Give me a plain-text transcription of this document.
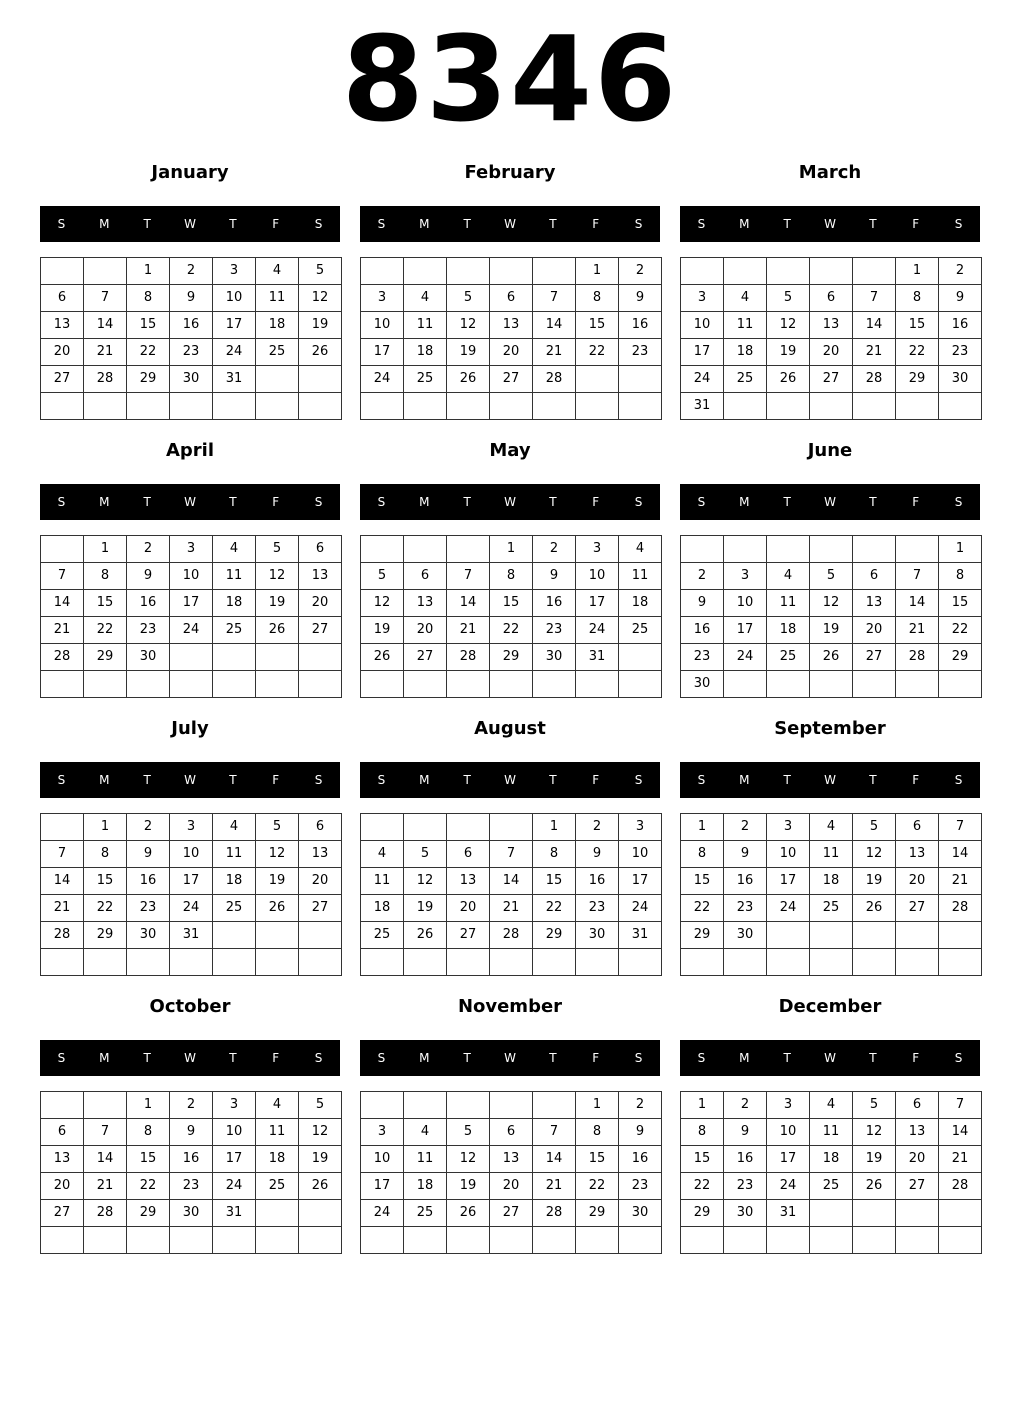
8346
January
S	M	T	W	T	F	S
		1	2	3	4	5
6	7	8	9	10	11	12
13	14	15	16	17	18	19
20	21	22	23	24	25	26
27	28	29	30	31		

February
S	M	T	W	T	F	S
					1	2
3	4	5	6	7	8	9
10	11	12	13	14	15	16
17	18	19	20	21	22	23
24	25	26	27	28		

March
S	M	T	W	T	F	S
					1	2
3	4	5	6	7	8	9
10	11	12	13	14	15	16
17	18	19	20	21	22	23
24	25	26	27	28	29	30
31						
April
S	M	T	W	T	F	S
	1	2	3	4	5	6
7	8	9	10	11	12	13
14	15	16	17	18	19	20
21	22	23	24	25	26	27
28	29	30				

May
S	M	T	W	T	F	S
			1	2	3	4
5	6	7	8	9	10	11
12	13	14	15	16	17	18
19	20	21	22	23	24	25
26	27	28	29	30	31	

June
S	M	T	W	T	F	S
						1
2	3	4	5	6	7	8
9	10	11	12	13	14	15
16	17	18	19	20	21	22
23	24	25	26	27	28	29
30						
July
S	M	T	W	T	F	S
	1	2	3	4	5	6
7	8	9	10	11	12	13
14	15	16	17	18	19	20
21	22	23	24	25	26	27
28	29	30	31			

August
S	M	T	W	T	F	S
				1	2	3
4	5	6	7	8	9	10
11	12	13	14	15	16	17
18	19	20	21	22	23	24
25	26	27	28	29	30	31

September
S	M	T	W	T	F	S
1	2	3	4	5	6	7
8	9	10	11	12	13	14
15	16	17	18	19	20	21
22	23	24	25	26	27	28
29	30					

October
S	M	T	W	T	F	S
		1	2	3	4	5
6	7	8	9	10	11	12
13	14	15	16	17	18	19
20	21	22	23	24	25	26
27	28	29	30	31		

November
S	M	T	W	T	F	S
					1	2
3	4	5	6	7	8	9
10	11	12	13	14	15	16
17	18	19	20	21	22	23
24	25	26	27	28	29	30

December
S	M	T	W	T	F	S
1	2	3	4	5	6	7
8	9	10	11	12	13	14
15	16	17	18	19	20	21
22	23	24	25	26	27	28
29	30	31				
